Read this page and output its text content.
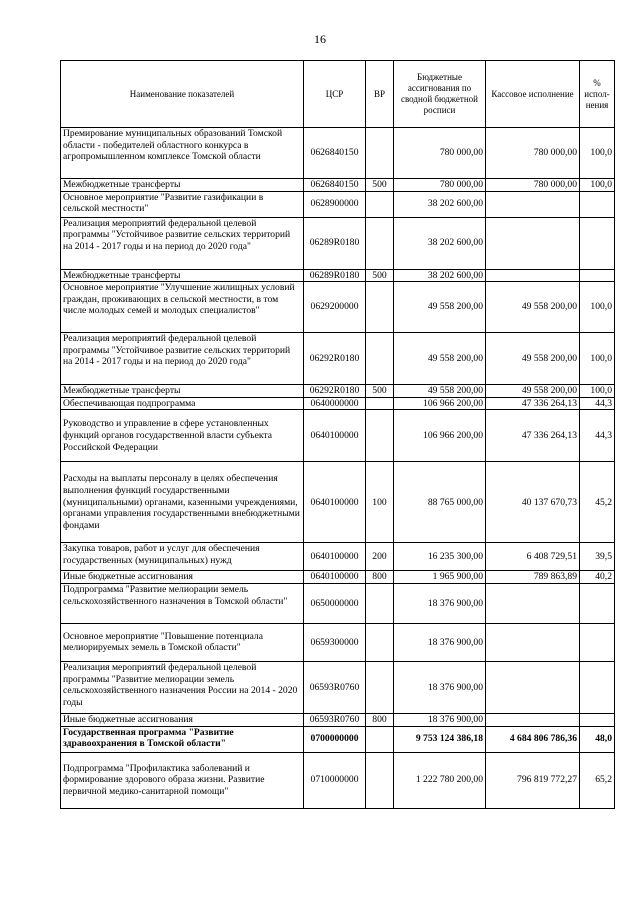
16
Наименование показателей	ЦСР	ВР	Бюджетные ассигнования по сводной бюджетной росписи	Кассовое исполнение	% испол-нения
Премирование муниципальных образований Томской области - победителей областного конкурса в агропромышленном комплексе Томской области	0626840150		780 000,00	780 000,00	100,0
Межбюджетные трансферты	0626840150	500	780 000,00	780 000,00	100,0
Основное мероприятие "Развитие газификации в сельской местности"	0628900000		38 202 600,00		
Реализация мероприятий федеральной целевой программы "Устойчивое развитие сельских территорий на 2014 - 2017 годы и на период до 2020 года"	06289R0180		38 202 600,00		
Межбюджетные трансферты	06289R0180	500	38 202 600,00		
Основное мероприятие "Улучшение жилищных условий граждан, проживающих в сельской местности, в том числе молодых семей и молодых специалистов"	0629200000		49 558 200,00	49 558 200,00	100,0
Реализация мероприятий федеральной целевой программы "Устойчивое развитие сельских территорий на 2014 - 2017 годы и на период до 2020 года"	06292R0180		49 558 200,00	49 558 200,00	100,0
Межбюджетные трансферты	06292R0180	500	49 558 200,00	49 558 200,00	100,0
Обеспечивающая подпрограмма	0640000000		106 966 200,00	47 336 264,13	44,3
Руководство и управление в сфере установленных функций органов государственной власти субъекта Российской Федерации	0640100000		106 966 200,00	47 336 264,13	44,3
Расходы на выплаты персоналу в целях обеспечения выполнения функций государственными (муниципальными) органами, казенными учреждениями, органами управления государственными внебюджетными фондами	0640100000	100	88 765 000,00	40 137 670,73	45,2
Закупка товаров, работ и услуг для обеспечения государственных (муниципальных) нужд	0640100000	200	16 235 300,00	6 408 729,51	39,5
Иные бюджетные ассигнования	0640100000	800	1 965 900,00	789 863,89	40,2
Подпрограмма "Развитие мелиорации земель сельскохозяйственного назначения в Томской области"	0650000000		18 376 900,00		
Основное мероприятие "Повышение потенциала мелиорируемых земель в Томской области"	0659300000		18 376 900,00		
Реализация мероприятий федеральной целевой программы "Развитие мелиорации земель сельскохозяйственного назначения России на 2014 - 2020 годы	06593R0760		18 376 900,00		
Иные бюджетные ассигнования	06593R0760	800	18 376 900,00		
Государственная программа "Развитие здравоохранения в Томской области"	0700000000		9 753 124 386,18	4 684 806 786,36	48,0
Подпрограмма "Профилактика заболеваний и формирование здорового образа жизни. Развитие первичной медико-санитарной помощи"	0710000000		1 222 780 200,00	796 819 772,27	65,2
